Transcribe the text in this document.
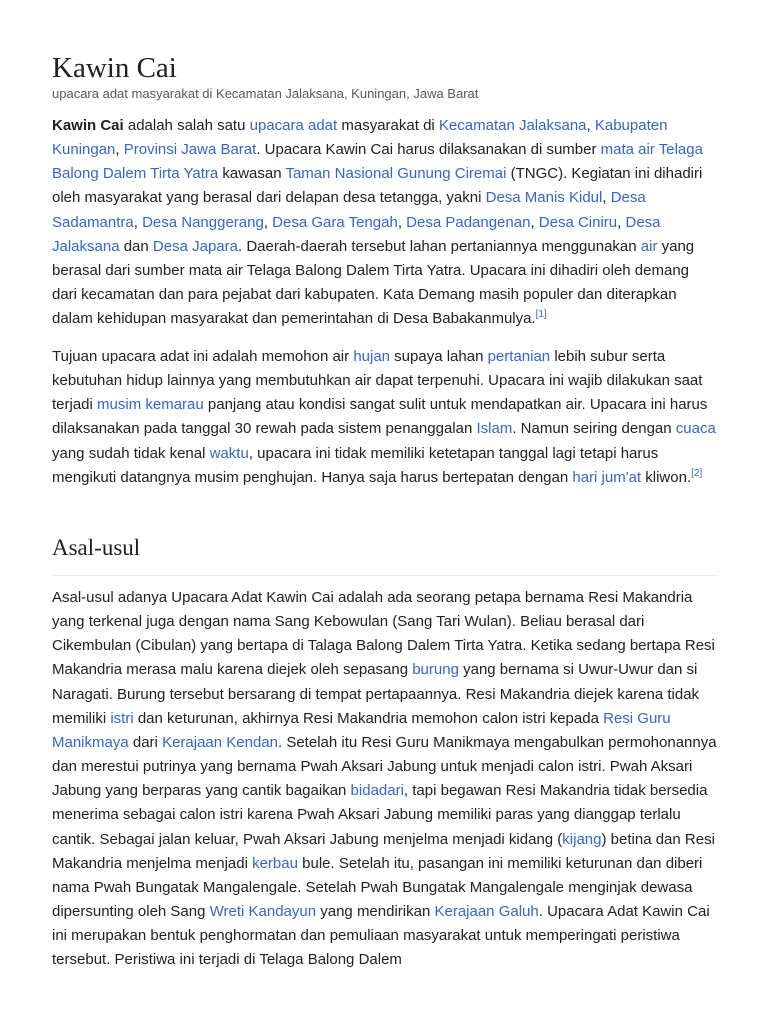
Kawin Cai
upacara adat masyarakat di Kecamatan Jalaksana, Kuningan, Jawa Barat

Kawin Cai adalah salah satu upacara adat masyarakat di Kecamatan Jalaksana, Kabupaten Kuningan, Provinsi Jawa Barat. Upacara Kawin Cai harus dilaksanakan di sumber mata air Telaga Balong Dalem Tirta Yatra kawasan Taman Nasional Gunung Ciremai (TNGC). Kegiatan ini dihadiri oleh masyarakat yang berasal dari delapan desa tetangga, yakni Desa Manis Kidul, Desa Sadamantra, Desa Nanggerang, Desa Gara Tengah, Desa Padangenan, Desa Ciniru, Desa Jalaksana dan Desa Japara. Daerah-daerah tersebut lahan pertaniannya menggunakan air yang berasal dari sumber mata air Telaga Balong Dalem Tirta Yatra. Upacara ini dihadiri oleh demang dari kecamatan dan para pejabat dari kabupaten. Kata Demang masih populer dan diterapkan dalam kehidupan masyarakat dan pemerintahan di Desa Babakanmulya.[1]

Tujuan upacara adat ini adalah memohon air hujan supaya lahan pertanian lebih subur serta kebutuhan hidup lainnya yang membutuhkan air dapat terpenuhi. Upacara ini wajib dilakukan saat terjadi musim kemarau panjang atau kondisi sangat sulit untuk mendapatkan air. Upacara ini harus dilaksanakan pada tanggal 30 rewah pada sistem penanggalan Islam. Namun seiring dengan cuaca yang sudah tidak kenal waktu, upacara ini tidak memiliki ketetapan tanggal lagi tetapi harus mengikuti datangnya musim penghujan. Hanya saja harus bertepatan dengan hari jum'at kliwon.[2]

Asal-usul

Asal-usul adanya Upacara Adat Kawin Cai adalah ada seorang petapa bernama Resi Makandria yang terkenal juga dengan nama Sang Kebowulan (Sang Tari Wulan). Beliau berasal dari Cikembulan (Cibulan) yang bertapa di Talaga Balong Dalem Tirta Yatra. Ketika sedang bertapa Resi Makandria merasa malu karena diejek oleh sepasang burung yang bernama si Uwur-Uwur dan si Naragati. Burung tersebut bersarang di tempat pertapaannya. Resi Makandria diejek karena tidak memiliki istri dan keturunan, akhirnya Resi Makandria memohon calon istri kepada Resi Guru Manikmaya dari Kerajaan Kendan. Setelah itu Resi Guru Manikmaya mengabulkan permohonannya dan merestui putrinya yang bernama Pwah Aksari Jabung untuk menjadi calon istri. Pwah Aksari Jabung yang berparas yang cantik bagaikan bidadari, tapi begawan Resi Makandria tidak bersedia menerima sebagai calon istri karena Pwah Aksari Jabung memiliki paras yang dianggap terlalu cantik. Sebagai jalan keluar, Pwah Aksari Jabung menjelma menjadi kidang (kijang) betina dan Resi Makandria menjelma menjadi kerbau bule. Setelah itu, pasangan ini memiliki keturunan dan diberi nama Pwah Bungatak Mangalengale. Setelah Pwah Bungatak Mangalengale menginjak dewasa dipersunting oleh Sang Wreti Kandayun yang mendirikan Kerajaan Galuh. Upacara Adat Kawin Cai ini merupakan bentuk penghormatan dan pemuliaan masyarakat untuk memperingati peristiwa tersebut. Peristiwa ini terjadi di Telaga Balong Dalem
